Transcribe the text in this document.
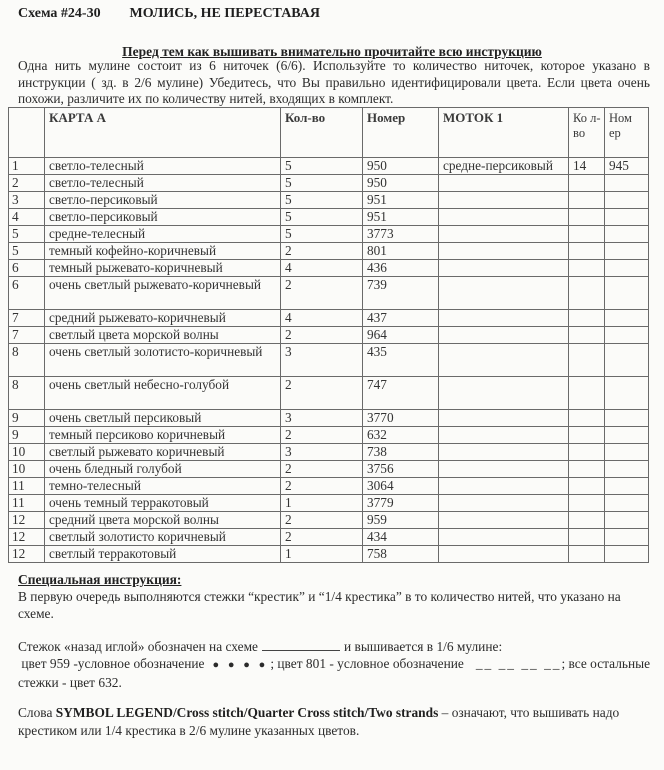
Схема #24-30 МОЛИСЬ, НЕ ПЕРЕСТАВАЯ
Перед тем как вышивать внимательно прочитайте всю инструкцию
Одна нить мулине состоит из 6 ниточек (6/6). Используйте то количество ниточек, которое указано в инструкции ( зд. в 2/6 мулине) Убедитесь, что Вы правильно идентифицировали цвета. Если цвета очень похожи, различите их по количеству нитей, входящих в комплект.
	КАРТА А	Кол-во	Номер	МОТОК 1	Ко л- во	Ном ер
1	светло-телесный	5	950	средне-персиковый	14	945
2	светло-телесный	5	950			
3	светло-персиковый	5	951			
4	светло-персиковый	5	951			
5	средне-телесный	5	3773			
5	темный кофейно-коричневый	2	801			
6	темный рыжевато-коричневый	4	436			
6	очень светлый рыжевато-коричневый	2	739			
7	средний рыжевато-коричневый	4	437			
7	светлый цвета морской волны	2	964			
8	очень светлый золотисто-коричневый	3	435			
8	очень светлый небесно-голубой	2	747			
9	очень светлый персиковый	3	3770			
9	темный персиково коричневый	2	632			
10	светлый рыжевато коричневый	3	738			
10	очень бледный голубой	2	3756			
11	темно-телесный	2	3064			
11	очень темный терракотовый	1	3779			
12	средний цвета морской волны	2	959			
12	светлый золотисто коричневый	2	434			
12	светлый терракотовый	1	758			
Специальная инструкция:
В первую очередь выполняются стежки “крестик” и “1/4 крестика” в то количество нитей, что указано на схеме.
Стежок «назад иглой» обозначен на схеме	и вышивается в 1/6 мулине:
цвет 959 -условное обозначение ● ● ● ● ; цвет 801 - условное обозначение __ __ __ __; все остальные стежки - цвет 632.
Слова SYMBOL LEGEND/Cross stitch/Quarter Cross stitch/Two strands – означают, что вышивать надо крестиком или 1/4 крестика в 2/6 мулине указанных цветов.
